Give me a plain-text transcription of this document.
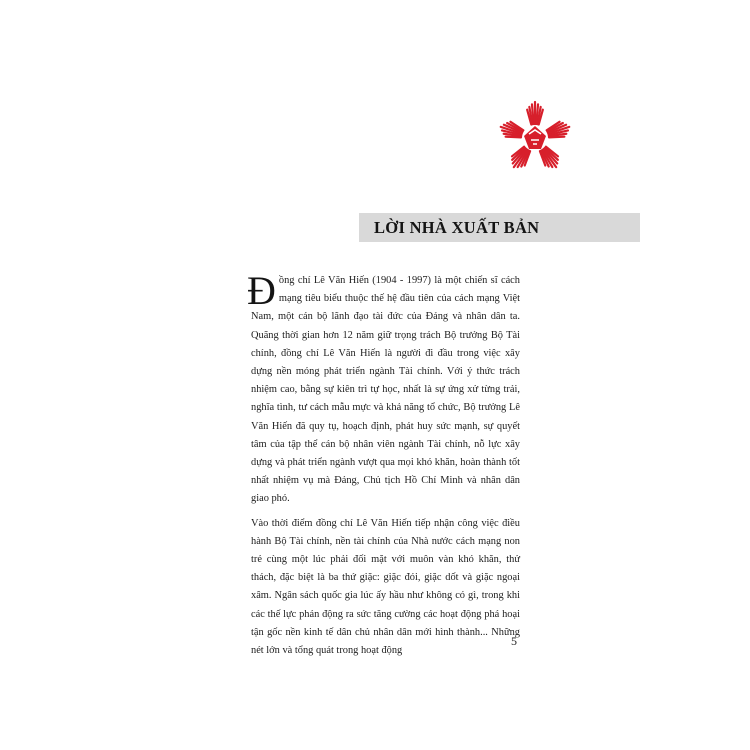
LỜI NHÀ XUẤT BẢN

Đồng chí Lê Văn Hiến (1904 - 1997) là một chiến sĩ cách mạng tiêu biểu thuộc thế hệ đầu tiên của cách mạng Việt Nam, một cán bộ lãnh đạo tài đức của Đảng và nhân dân ta. Quãng thời gian hơn 12 năm giữ trọng trách Bộ trưởng Bộ Tài chính, đồng chí Lê Văn Hiến là người đi đầu trong việc xây dựng nền móng phát triển ngành Tài chính. Với ý thức trách nhiệm cao, bằng sự kiên trì tự học, nhất là sự ứng xử từng trải, nghĩa tình, tư cách mẫu mực và khả năng tổ chức, Bộ trưởng Lê Văn Hiến đã quy tụ, hoạch định, phát huy sức mạnh, sự quyết tâm của tập thể cán bộ nhân viên ngành Tài chính, nỗ lực xây dựng và phát triển ngành vượt qua mọi khó khăn, hoàn thành tốt nhất nhiệm vụ mà Đảng, Chủ tịch Hồ Chí Minh và nhân dân giao phó.

Vào thời điểm đồng chí Lê Văn Hiến tiếp nhận công việc điều hành Bộ Tài chính, nền tài chính của Nhà nước cách mạng non trẻ cùng một lúc phải đối mặt với muôn vàn khó khăn, thử thách, đặc biệt là ba thứ giặc: giặc đói, giặc dốt và giặc ngoại xâm. Ngân sách quốc gia lúc ấy hầu như không có gì, trong khi các thế lực phản động ra sức tăng cường các hoạt động phá hoại tận gốc nền kinh tế dân chủ nhân dân mới hình thành... Những nét lớn và tổng quát trong hoạt động

5
